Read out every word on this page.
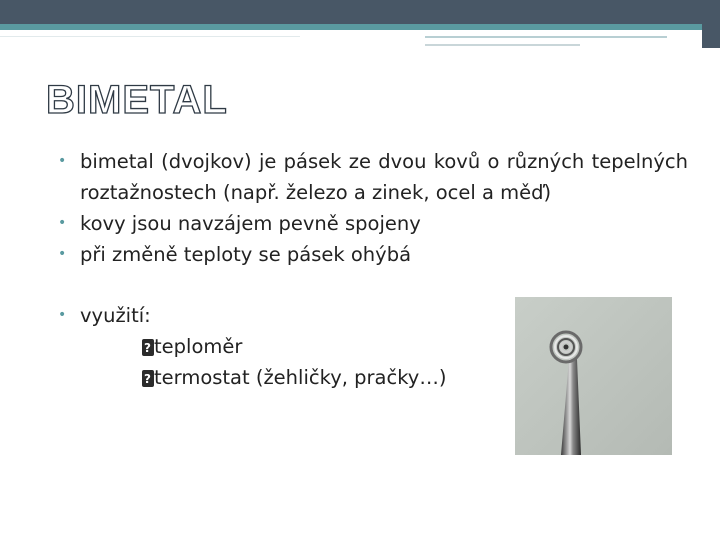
BIMETAL
• bimetal (dvojkov) je pásek ze dvou kovů o různých tepelných roztažnostech (např. železo a zinek, ocel a měď)
• kovy jsou navzájem pevně spojeny
• při změně teploty se pásek ohýbá
• využití:
?teploměr
?termostat (žehličky, pračky…)
